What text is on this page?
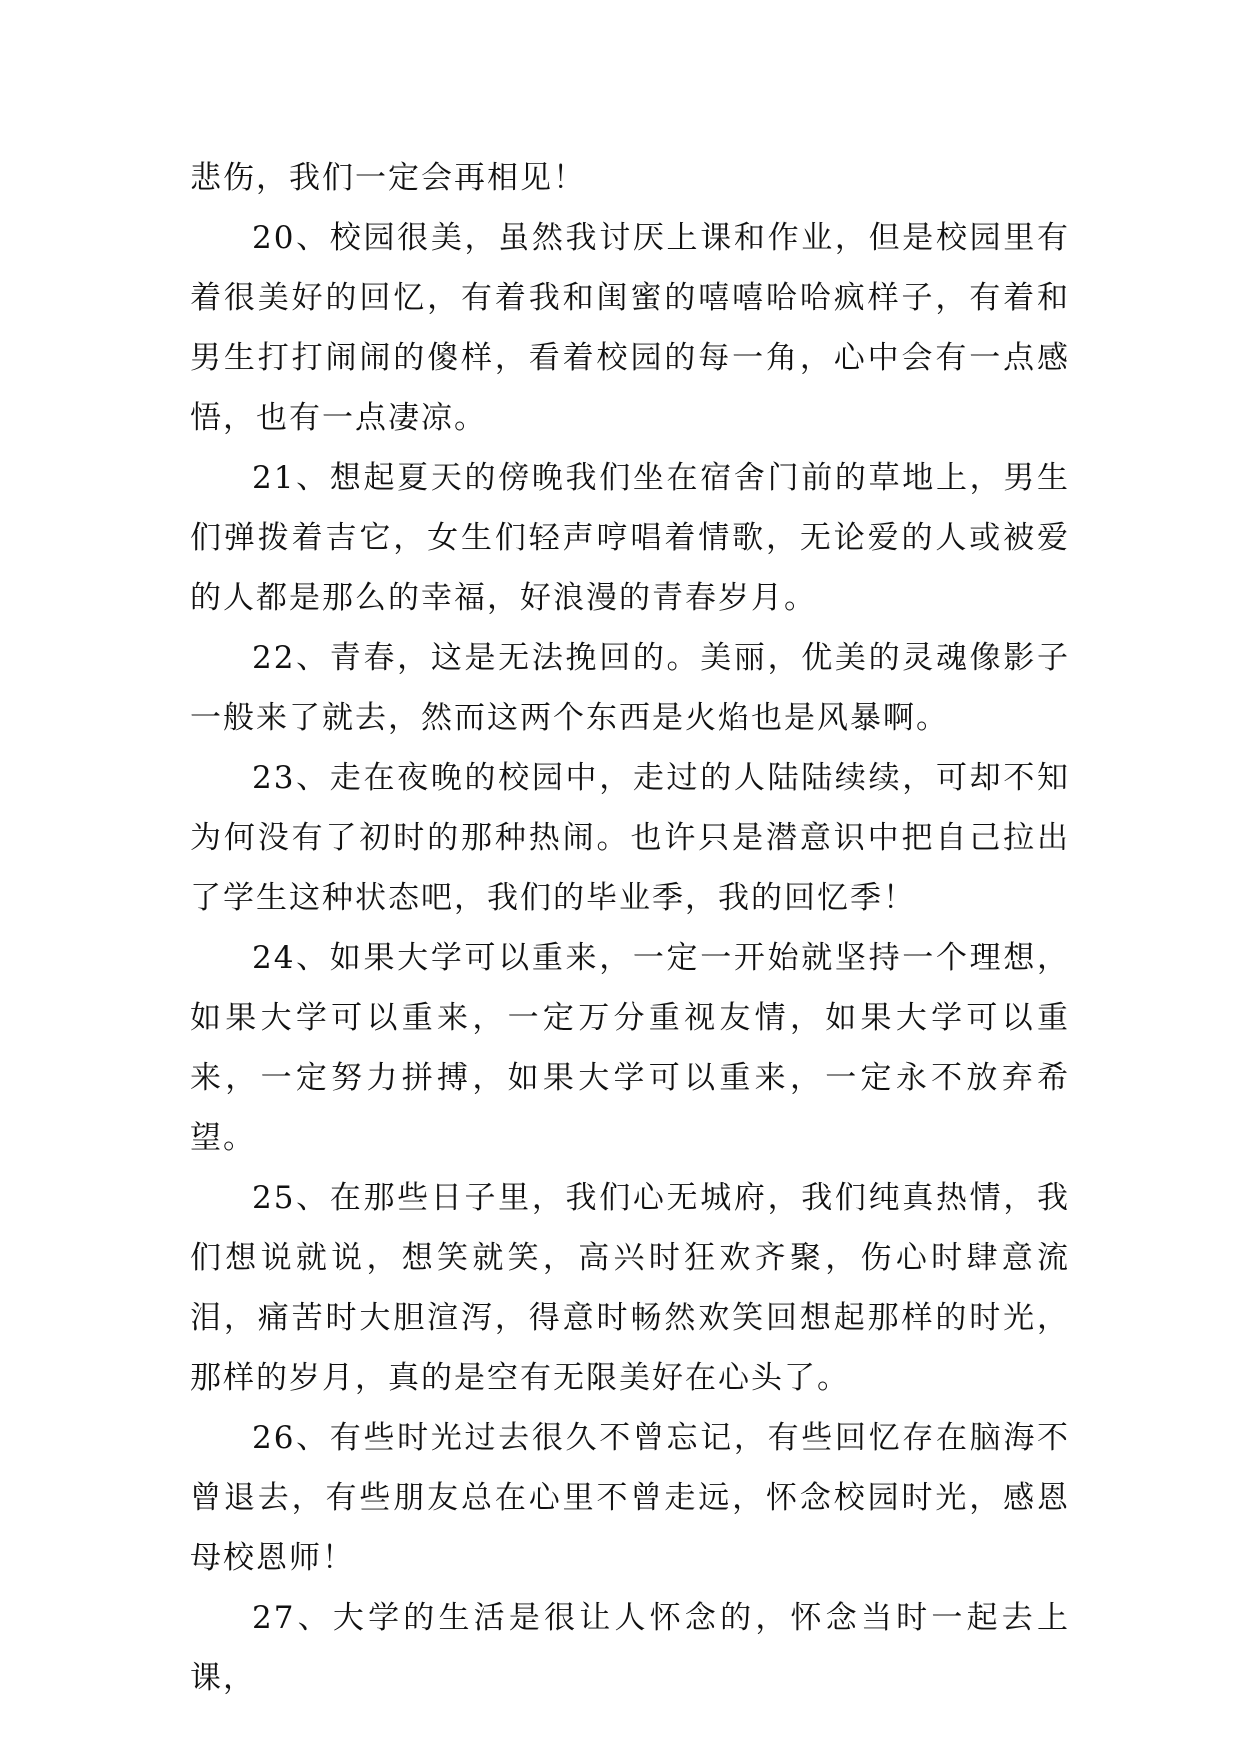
悲伤，我们一定会再相见！

20、校园很美，虽然我讨厌上课和作业，但是校园里有着很美好的回忆，有着我和闺蜜的嘻嘻哈哈疯样子，有着和男生打打闹闹的傻样，看着校园的每一角，心中会有一点感悟，也有一点凄凉。

21、想起夏天的傍晚我们坐在宿舍门前的草地上，男生们弹拨着吉它，女生们轻声哼唱着情歌，无论爱的人或被爱的人都是那么的幸福，好浪漫的青春岁月。

22、青春，这是无法挽回的。美丽，优美的灵魂像影子一般来了就去，然而这两个东西是火焰也是风暴啊。

23、走在夜晚的校园中，走过的人陆陆续续，可却不知为何没有了初时的那种热闹。也许只是潜意识中把自己拉出了学生这种状态吧，我们的毕业季，我的回忆季！

24、如果大学可以重来，一定一开始就坚持一个理想，如果大学可以重来，一定万分重视友情，如果大学可以重来，一定努力拼搏，如果大学可以重来，一定永不放弃希望。

25、在那些日子里，我们心无城府，我们纯真热情，我们想说就说，想笑就笑，高兴时狂欢齐聚，伤心时肆意流泪，痛苦时大胆渲泻，得意时畅然欢笑回想起那样的时光，那样的岁月，真的是空有无限美好在心头了。

26、有些时光过去很久不曾忘记，有些回忆存在脑海不曾退去，有些朋友总在心里不曾走远，怀念校园时光，感恩母校恩师！

27、大学的生活是很让人怀念的，怀念当时一起去上课，
